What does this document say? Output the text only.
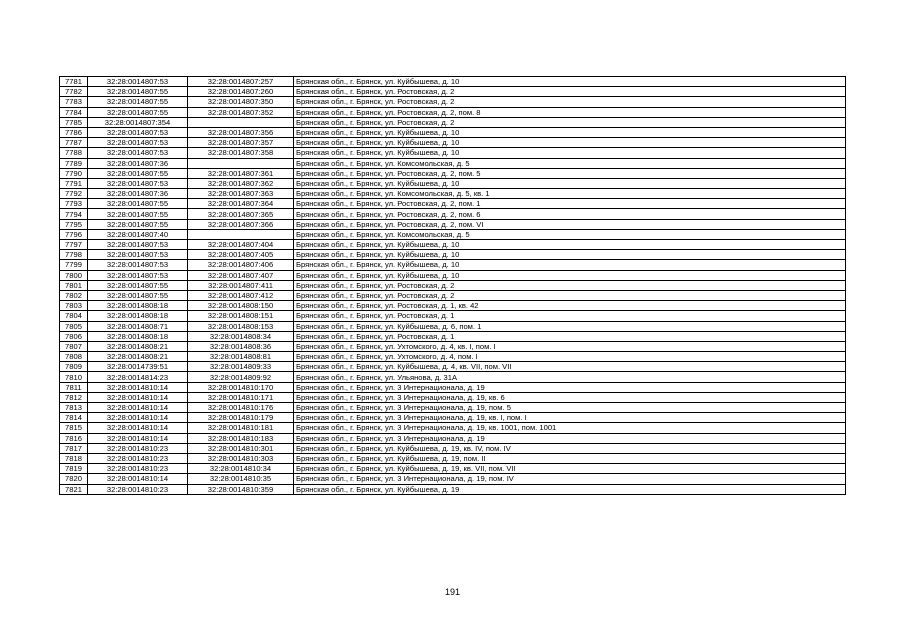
7781	32:28:0014807:53	32:28:0014807:257	Брянская обл., г. Брянск, ул. Куйбышева, д. 10
7782	32:28:0014807:55	32:28:0014807:260	Брянская обл., г. Брянск, ул. Ростовская, д. 2
7783	32:28:0014807:55	32:28:0014807:350	Брянская обл., г. Брянск, ул. Ростовская, д. 2
7784	32:28:0014807:55	32:28:0014807:352	Брянская обл., г. Брянск, ул. Ростовская, д. 2, пом. 8
7785	32:28:0014807:354		Брянская обл., г. Брянск, ул. Ростовская, д. 2
7786	32:28:0014807:53	32:28:0014807:356	Брянская обл., г. Брянск, ул. Куйбышева, д. 10
7787	32:28:0014807:53	32:28:0014807:357	Брянская обл., г. Брянск, ул. Куйбышева, д. 10
7788	32:28:0014807:53	32:28:0014807:358	Брянская обл., г. Брянск, ул. Куйбышева, д. 10
7789	32:28:0014807:36		Брянская обл., г. Брянск, ул. Комсомольская, д. 5
7790	32:28:0014807:55	32:28:0014807:361	Брянская обл., г. Брянск, ул. Ростовская, д. 2, пом. 5
7791	32:28:0014807:53	32:28:0014807:362	Брянская обл., г. Брянск, ул. Куйбышева, д. 10
7792	32:28:0014807:36	32:28:0014807:363	Брянская обл., г. Брянск, ул. Комсомольская, д. 5, кв. 1
7793	32:28:0014807:55	32:28:0014807:364	Брянская обл., г. Брянск, ул. Ростовская, д. 2, пом. 1
7794	32:28:0014807:55	32:28:0014807:365	Брянская обл., г. Брянск, ул. Ростовская, д. 2, пом. 6
7795	32:28:0014807:55	32:28:0014807:366	Брянская обл., г. Брянск, ул. Ростовская, д. 2, пом. VI
7796	32:28:0014807:40		Брянская обл., г. Брянск, ул. Комсомольская, д. 5
7797	32:28:0014807:53	32:28:0014807:404	Брянская обл., г. Брянск, ул. Куйбышева, д. 10
7798	32:28:0014807:53	32:28:0014807:405	Брянская обл., г. Брянск, ул. Куйбышева, д. 10
7799	32:28:0014807:53	32:28:0014807:406	Брянская обл., г. Брянск, ул. Куйбышева, д. 10
7800	32:28:0014807:53	32:28:0014807:407	Брянская обл., г. Брянск, ул. Куйбышева, д. 10
7801	32:28:0014807:55	32:28:0014807:411	Брянская обл., г. Брянск, ул. Ростовская, д. 2
7802	32:28:0014807:55	32:28:0014807:412	Брянская обл., г. Брянск, ул. Ростовская, д. 2
7803	32:28:0014808:18	32:28:0014808:150	Брянская обл., г. Брянск, ул. Ростовская, д. 1, кв. 42
7804	32:28:0014808:18	32:28:0014808:151	Брянская обл., г. Брянск, ул. Ростовская, д. 1
7805	32:28:0014808:71	32:28:0014808:153	Брянская обл., г. Брянск, ул. Куйбышева, д. 6, пом. 1
7806	32:28:0014808:18	32:28:0014808:34	Брянская обл., г. Брянск, ул. Ростовская, д. 1
7807	32:28:0014808:21	32:28:0014808:36	Брянская обл., г. Брянск, ул. Ухтомского, д. 4, кв. I, пом. I
7808	32:28:0014808:21	32:28:0014808:81	Брянская обл., г. Брянск, ул. Ухтомского, д. 4, пом. I
7809	32:28:0014739:51	32:28:0014809:33	Брянская обл., г. Брянск, ул. Куйбышева, д. 4, кв. VII, пом. VII
7810	32:28:0014814:23	32:28:0014809:92	Брянская обл., г. Брянск, ул. Ульянова, д. 31А
7811	32:28:0014810:14	32:28:0014810:170	Брянская обл., г. Брянск, ул. 3 Интернационала, д. 19
7812	32:28:0014810:14	32:28:0014810:171	Брянская обл., г. Брянск, ул. 3 Интернационала, д. 19, кв. 6
7813	32:28:0014810:14	32:28:0014810:176	Брянская обл., г. Брянск, ул. 3 Интернационала, д. 19, пом. 5
7814	32:28:0014810:14	32:28:0014810:179	Брянская обл., г. Брянск, ул. 3 Интернационала, д. 19, кв. I, пом. I
7815	32:28:0014810:14	32:28:0014810:181	Брянская обл., г. Брянск, ул. 3 Интернационала, д. 19, кв. 1001, пом. 1001
7816	32:28:0014810:14	32:28:0014810:183	Брянская обл., г. Брянск, ул. 3 Интернационала, д. 19
7817	32:28:0014810:23	32:28:0014810:301	Брянская обл., г. Брянск, ул. Куйбышева, д. 19, кв. IV, пом. IV
7818	32:28:0014810:23	32:28:0014810:303	Брянская обл., г. Брянск, ул. Куйбышева, д. 19, пом. II
7819	32:28:0014810:23	32:28:0014810:34	Брянская обл., г. Брянск, ул. Куйбышева, д. 19, кв. VII, пом. VII
7820	32:28:0014810:14	32:28:0014810:35	Брянская обл., г. Брянск, ул. 3 Интернационала, д. 19, пом. IV
7821	32:28:0014810:23	32:28:0014810:359	Брянская обл., г. Брянск, ул. Куйбышева, д. 19
191
